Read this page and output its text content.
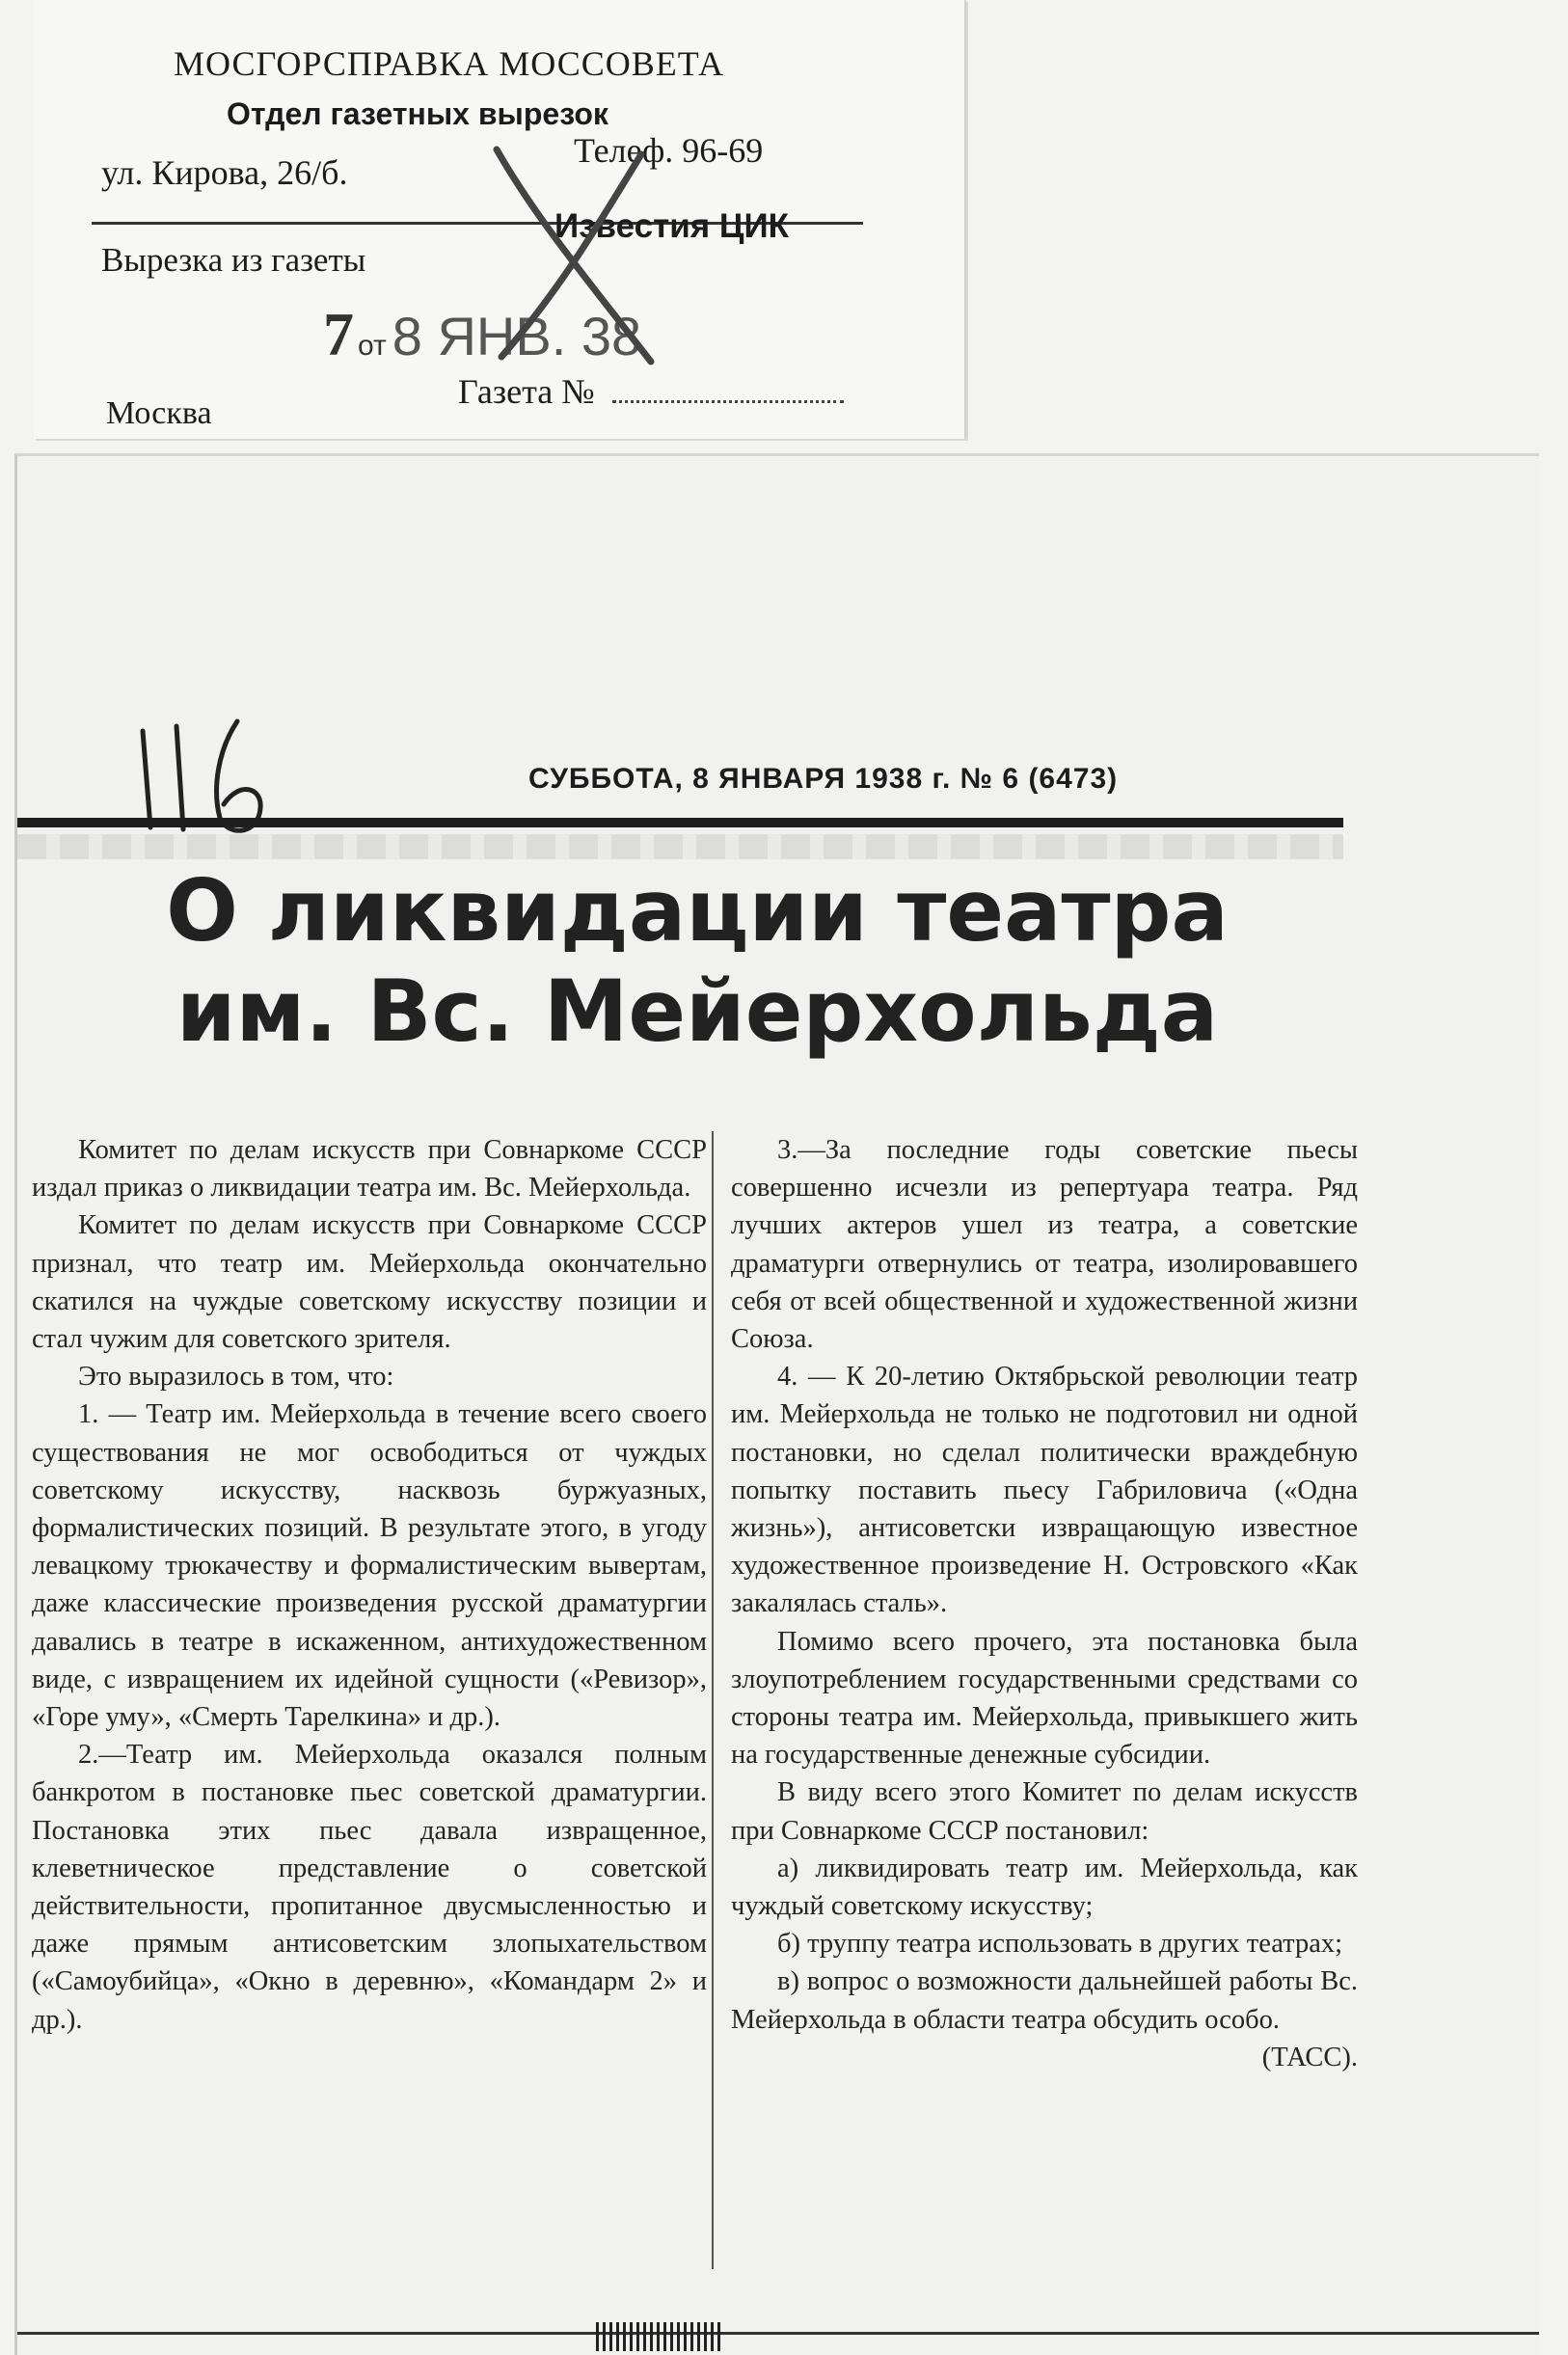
МОСГОРСПРАВКА МОССОВЕТА
Отдел газетных вырезок
ул. Кирова, 26/б.
Телеф. 96-69
Вырезка из газеты
Известия ЦИК
7 от 8 ЯНВ. 38
Москва
Газета №
СУББОТА, 8 ЯНВАРЯ 1938 г. № 6 (6473)
О ликвидации театра
им. Вс. Мейерхольда

Комитет по делам искусств при Совнаркоме СССР издал приказ о ликвидации театра им. Вс. Мейерхольда.

Комитет по делам искусств при Совнаркоме СССР признал, что театр им. Мейерхольда окончательно скатился на чуждые советскому искусству позиции и стал чужим для советского зрителя.

Это выразилось в том, что:

1. — Театр им. Мейерхольда в течение всего своего существования не мог освободиться от чуждых советскому искусству, насквозь буржуазных, формалистических позиций. В результате этого, в угоду левацкому трюкачеству и формалистическим вывертам, даже классические произведения русской драматургии давались в театре в искаженном, антихудожественном виде, с извращением их идейной сущности («Ревизор», «Горе уму», «Смерть Тарелкина» и др.).

2.—Театр им. Мейерхольда оказался полным банкротом в постановке пьес советской драматургии. Постановка этих пьес давала извращенное, клеветническое представление о советской действительности, пропитанное двусмысленностью и даже прямым антисоветским злопыхательством («Самоубийца», «Окно в деревню», «Командарм 2» и др.).

3.—За последние годы советские пьесы совершенно исчезли из репертуара театра. Ряд лучших актеров ушел из театра, а советские драматурги отвернулись от театра, изолировавшего себя от всей общественной и художественной жизни Союза.

4. — К 20-летию Октябрьской революции театр им. Мейерхольда не только не подготовил ни одной постановки, но сделал политически враждебную попытку поставить пьесу Габриловича («Одна жизнь»), антисоветски извращающую известное художественное произведение Н. Островского «Как закалялась сталь».

Помимо всего прочего, эта постановка была злоупотреблением государственными средствами со стороны театра им. Мейерхольда, привыкшего жить на государственные денежные субсидии.

В виду всего этого Комитет по делам искусств при Совнаркоме СССР постановил:

а) ликвидировать театр им. Мейерхольда, как чуждый советскому искусству;

б) труппу театра использовать в других театрах;

в) вопрос о возможности дальнейшей работы Вс. Мейерхольда в области театра обсудить особо.
(ТАСС).
